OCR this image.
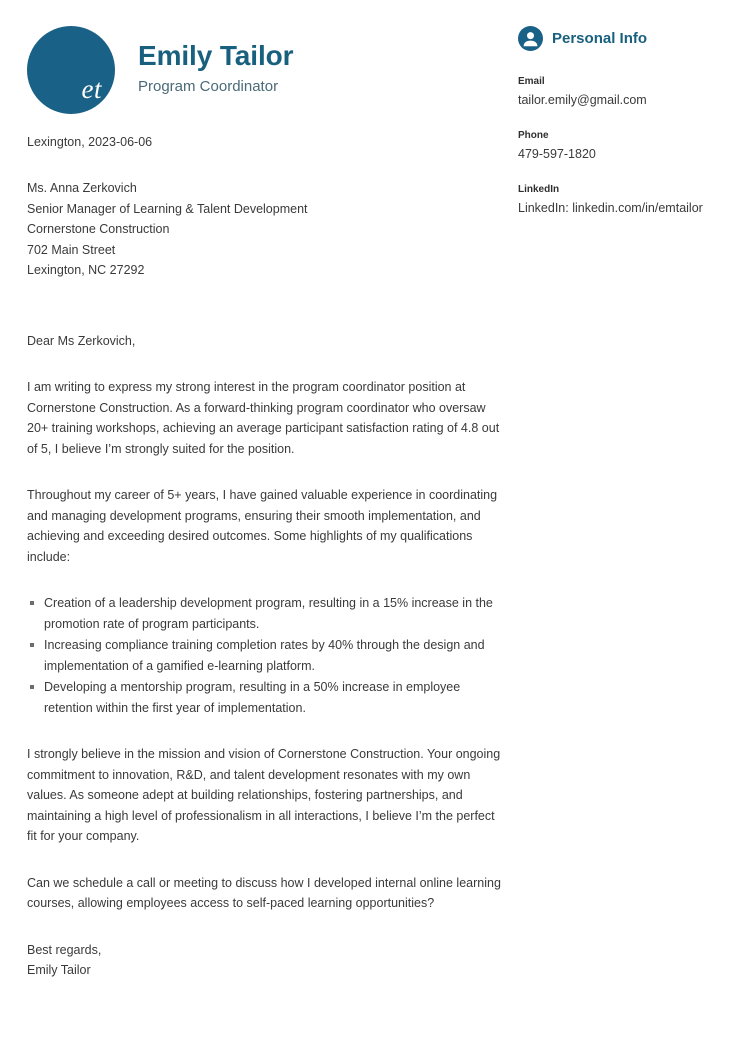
et
Emily Tailor
Program Coordinator
Lexington, 2023-06-06
Ms. Anna Zerkovich
Senior Manager of Learning & Talent Development
Cornerstone Construction
702 Main Street
Lexington, NC 27292
Dear Ms Zerkovich,

I am writing to express my strong interest in the program coordinator position at Cornerstone Construction. As a forward-thinking program coordinator who oversaw 20+ training workshops, achieving an average participant satisfaction rating of 4.8 out of 5, I believe I’m strongly suited for the position.

Throughout my career of 5+ years, I have gained valuable experience in coordinating and managing development programs, ensuring their smooth implementation, and achieving and exceeding desired outcomes. Some highlights of my qualifications include:

Creation of a leadership development program, resulting in a 15% increase in the promotion rate of program participants.
Increasing compliance training completion rates by 40% through the design and implementation of a gamified e-learning platform.
Developing a mentorship program, resulting in a 50% increase in employee retention within the first year of implementation.

I strongly believe in the mission and vision of Cornerstone Construction. Your ongoing commitment to innovation, R&D, and talent development resonates with my own values. As someone adept at building relationships, fostering partnerships, and maintaining a high level of professionalism in all interactions, I believe I’m the perfect fit for your company.

Can we schedule a call or meeting to discuss how I developed internal online learning courses, allowing employees access to self-paced learning opportunities?

Best regards,
Emily Tailor
Personal Info
Email
tailor.emily@gmail.com
Phone
479-597-1820
LinkedIn
LinkedIn: linkedin.com/in/emtailor
